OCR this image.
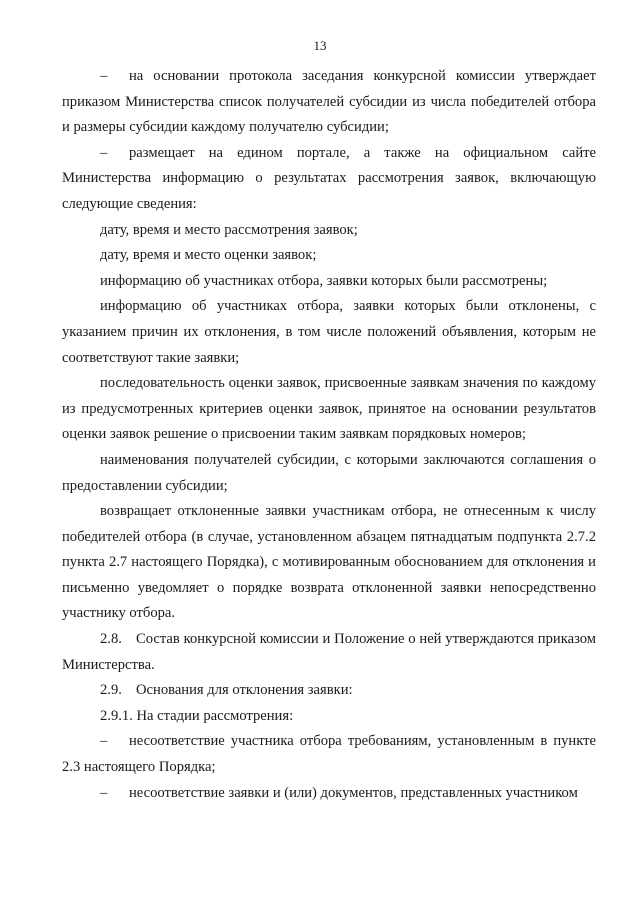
13

– на основании протокола заседания конкурсной комиссии утверждает приказом Министерства список получателей субсидии из числа победителей отбора и размеры субсидии каждому получателю субсидии;

– размещает на едином портале, а также на официальном сайте Министерства информацию о результатах рассмотрения заявок, включающую следующие сведения:

дату, время и место рассмотрения заявок;

дату, время и место оценки заявок;

информацию об участниках отбора, заявки которых были рассмотрены;

информацию об участниках отбора, заявки которых были отклонены, с указанием причин их отклонения, в том числе положений объявления, которым не соответствуют такие заявки;

последовательность оценки заявок, присвоенные заявкам значения по каждому из предусмотренных критериев оценки заявок, принятое на основании результатов оценки заявок решение о присвоении таким заявкам порядковых номеров;

наименования получателей субсидии, с которыми заключаются соглашения о предоставлении субсидии;

возвращает отклоненные заявки участникам отбора, не отнесенным к числу победителей отбора (в случае, установленном абзацем пятнадцатым подпункта 2.7.2 пункта 2.7 настоящего Порядка), с мотивированным обоснованием для отклонения и письменно уведомляет о порядке возврата отклоненной заявки непосредственно участнику отбора.

2.8. Состав конкурсной комиссии и Положение о ней утверждаются приказом Министерства.

2.9. Основания для отклонения заявки:

2.9.1. На стадии рассмотрения:

– несоответствие участника отбора требованиям, установленным в пункте 2.3 настоящего Порядка;

– несоответствие заявки и (или) документов, представленных участником
